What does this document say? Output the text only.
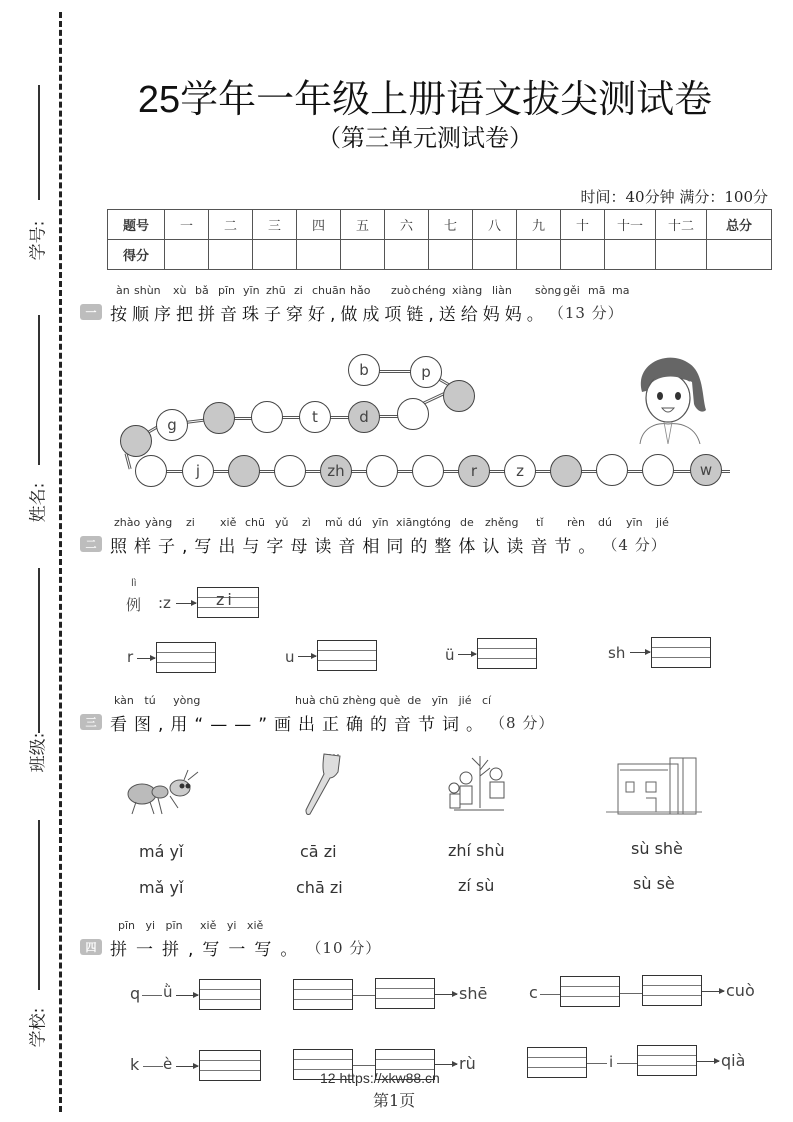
学号:
姓名:
班级:
学校:
25学年一年级上册语文拔尖测试卷
（第三单元测试卷）
时间：40分钟 满分：100分
题号	一	二	三	四	五	六	七	八	九	十	十一	十二	总分
得分													
àn shùn xù bǎ pīn yīn zhū zi chuān hǎo zuò chéng xiàng liàn sòng gěi mā ma
一 按顺序把拼音珠子穿好,做成项链,送给妈妈。 （13 分）
b	p
d
t
g
j	zh	r	z	w
zhào yàng zi xiě chū yǔ zì mǔ dú yīn xiāng tóng de zhěng tǐ rèn dú yīn jié
二 照样子,写出与字母读音相同的整体认读音节。 （4 分）
lì
例 :z	zi
r	u	ü	sh
kàn   tú     yòng	huà chū zhèng què  de   yīn   jié   cí
三 看图,用“——”画出正确的音节词。 （8 分）
má yǐ
mǎ yǐ
cā zi
chā zi
zhí shù
zí sù
sù shè
sù sè
pīn   yi   pīn     xiě   yi   xiě
四 拼一拼,写一写。 （10 分）
q ǜ	shē	c	cuò
k è	rù	i	qià
12 https://xkw88.cn
第1页
